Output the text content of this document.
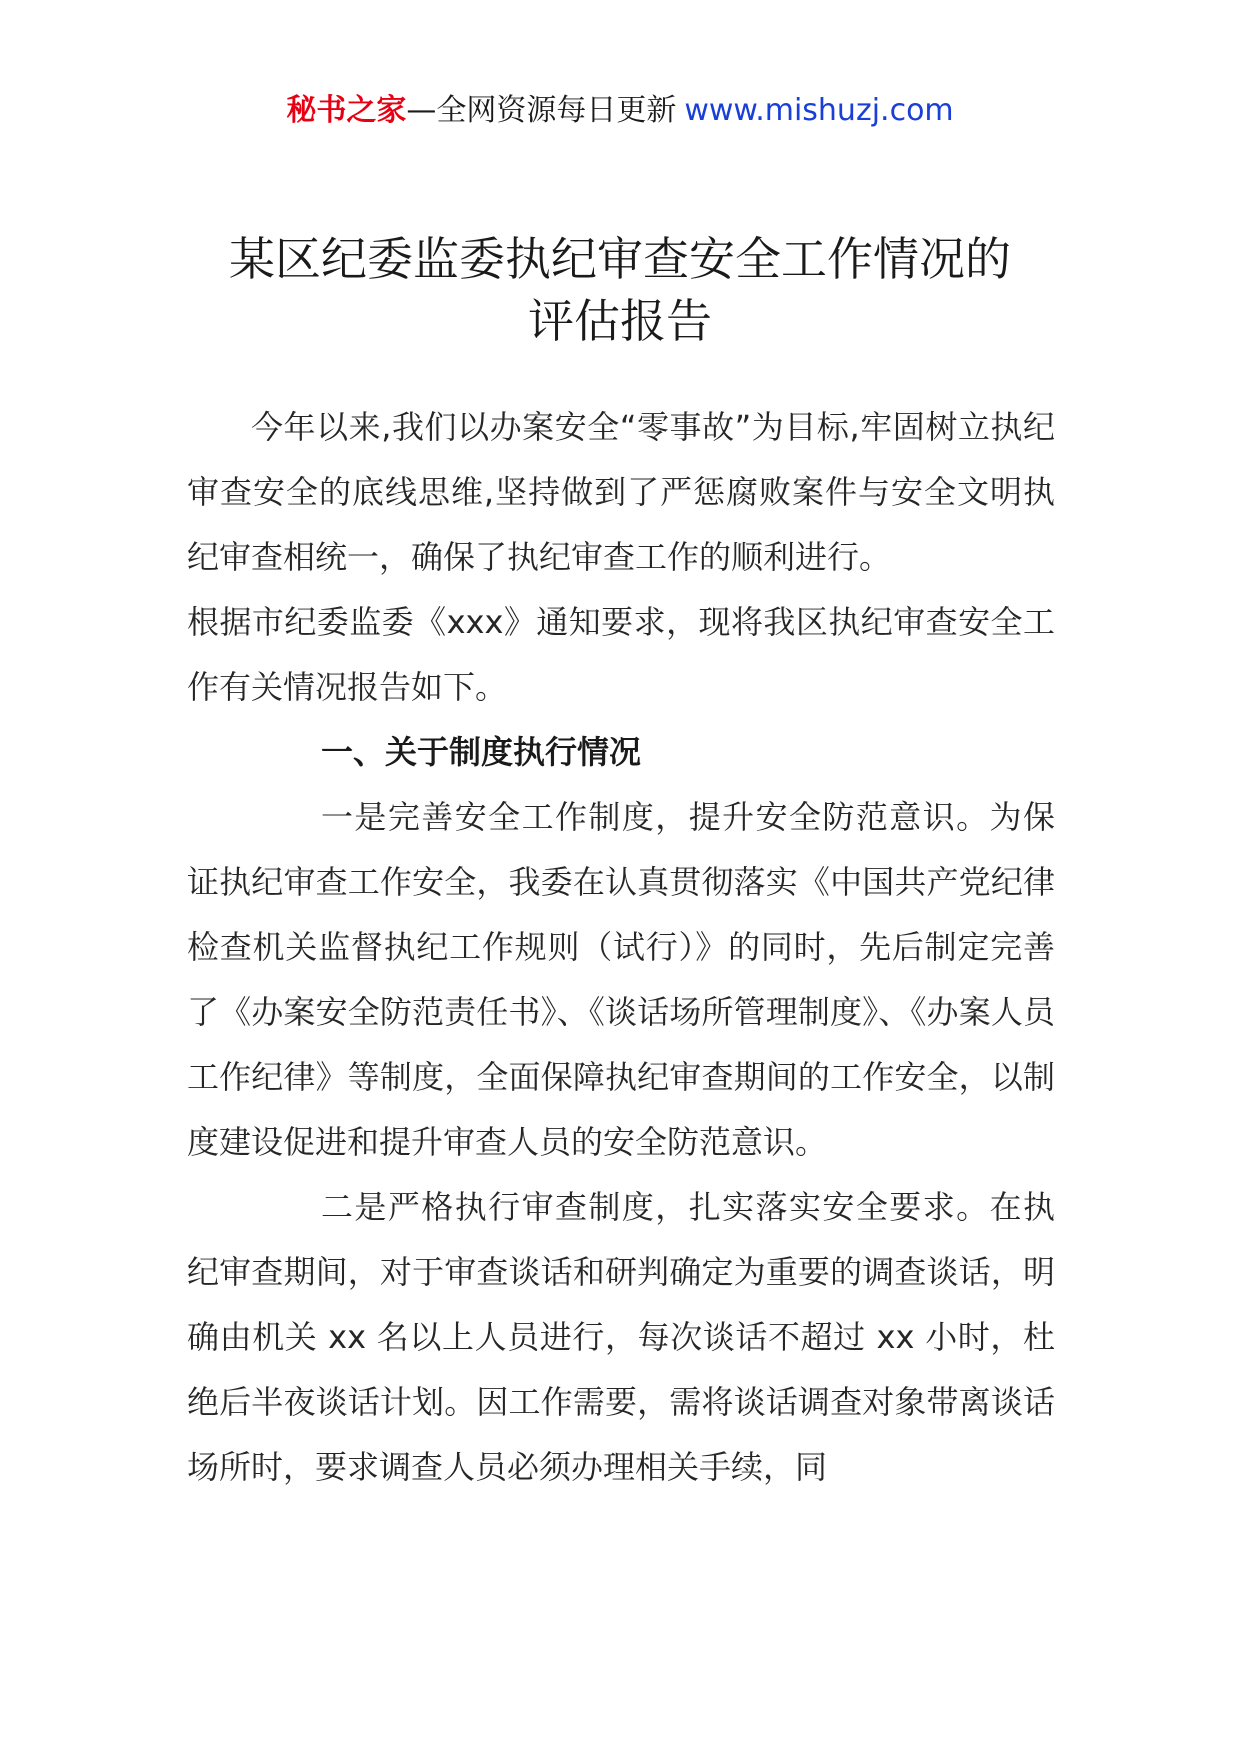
秘书之家—全网资源每日更新 www.mishuzj.com
某区纪委监委执纪审查安全工作情况的
评估报告

今年以来,我们以办案安全“零事故”为目标,牢固树立执纪审查安全的底线思维,坚持做到了严惩腐败案件与安全文明执纪审查相统一，确保了执纪审查工作的顺利进行。

根据市纪委监委《xxx》通知要求，现将我区执纪审查安全工作有关情况报告如下。

一、关于制度执行情况

一是完善安全工作制度，提升安全防范意识。为保证执纪审查工作安全，我委在认真贯彻落实《中国共产党纪律检查机关监督执纪工作规则（试行）》的同时，先后制定完善了《办案安全防范责任书》、《谈话场所管理制度》、《办案人员工作纪律》等制度，全面保障执纪审查期间的工作安全，以制度建设促进和提升审查人员的安全防范意识。

二是严格执行审查制度，扎实落实安全要求。在执纪审查期间，对于审查谈话和研判确定为重要的调查谈话，明确由机关 xx 名以上人员进行，每次谈话不超过 xx 小时，杜绝后半夜谈话计划。因工作需要，需将谈话调查对象带离谈话场所时，要求调查人员必须办理相关手续，同
